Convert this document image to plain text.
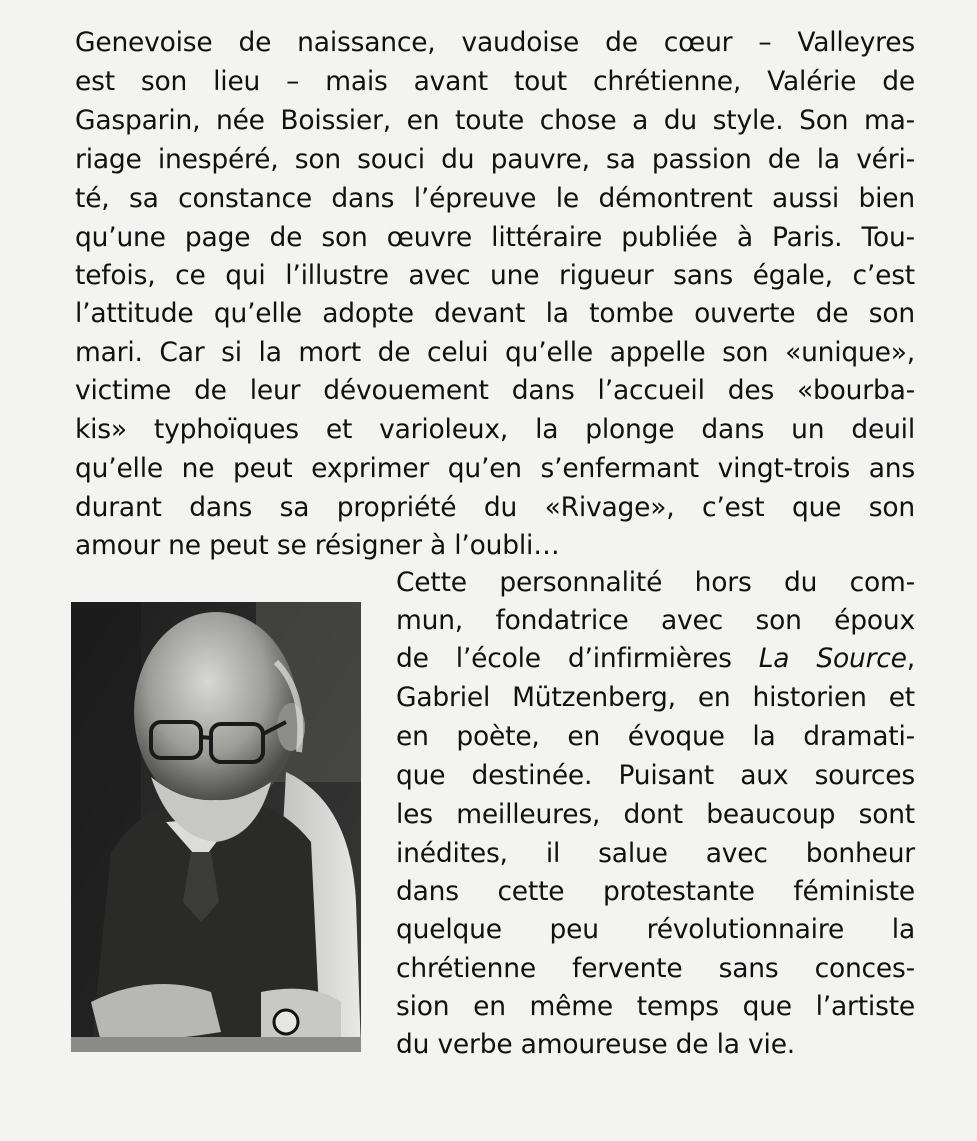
Genevoise de naissance, vaudoise de cœur – Valleyres
est son lieu – mais avant tout chrétienne, Valérie de
Gasparin, née Boissier, en toute chose a du style. Son ma-
riage inespéré, son souci du pauvre, sa passion de la véri-
té, sa constance dans l’épreuve le démontrent aussi bien
qu’une page de son œuvre littéraire publiée à Paris. Tou-
tefois, ce qui l’illustre avec une rigueur sans égale, c’est
l’attitude qu’elle adopte devant la tombe ouverte de son
mari. Car si la mort de celui qu’elle appelle son «unique»,
victime de leur dévouement dans l’accueil des «bourba-
kis» typhoïques et varioleux, la plonge dans un deuil
qu’elle ne peut exprimer qu’en s’enfermant vingt-trois ans
durant dans sa propriété du «Rivage», c’est que son
amour ne peut se résigner à l’oubli…
Cette personnalité hors du com-
mun, fondatrice avec son époux
de l’école d’infirmières La Source,
Gabriel Mützenberg, en historien et
en poète, en évoque la dramati-
que destinée. Puisant aux sources
les meilleures, dont beaucoup sont
inédites, il salue avec bonheur
dans cette protestante féministe
quelque peu révolutionnaire la
chrétienne fervente sans conces-
sion en même temps que l’artiste
du verbe amoureuse de la vie.
